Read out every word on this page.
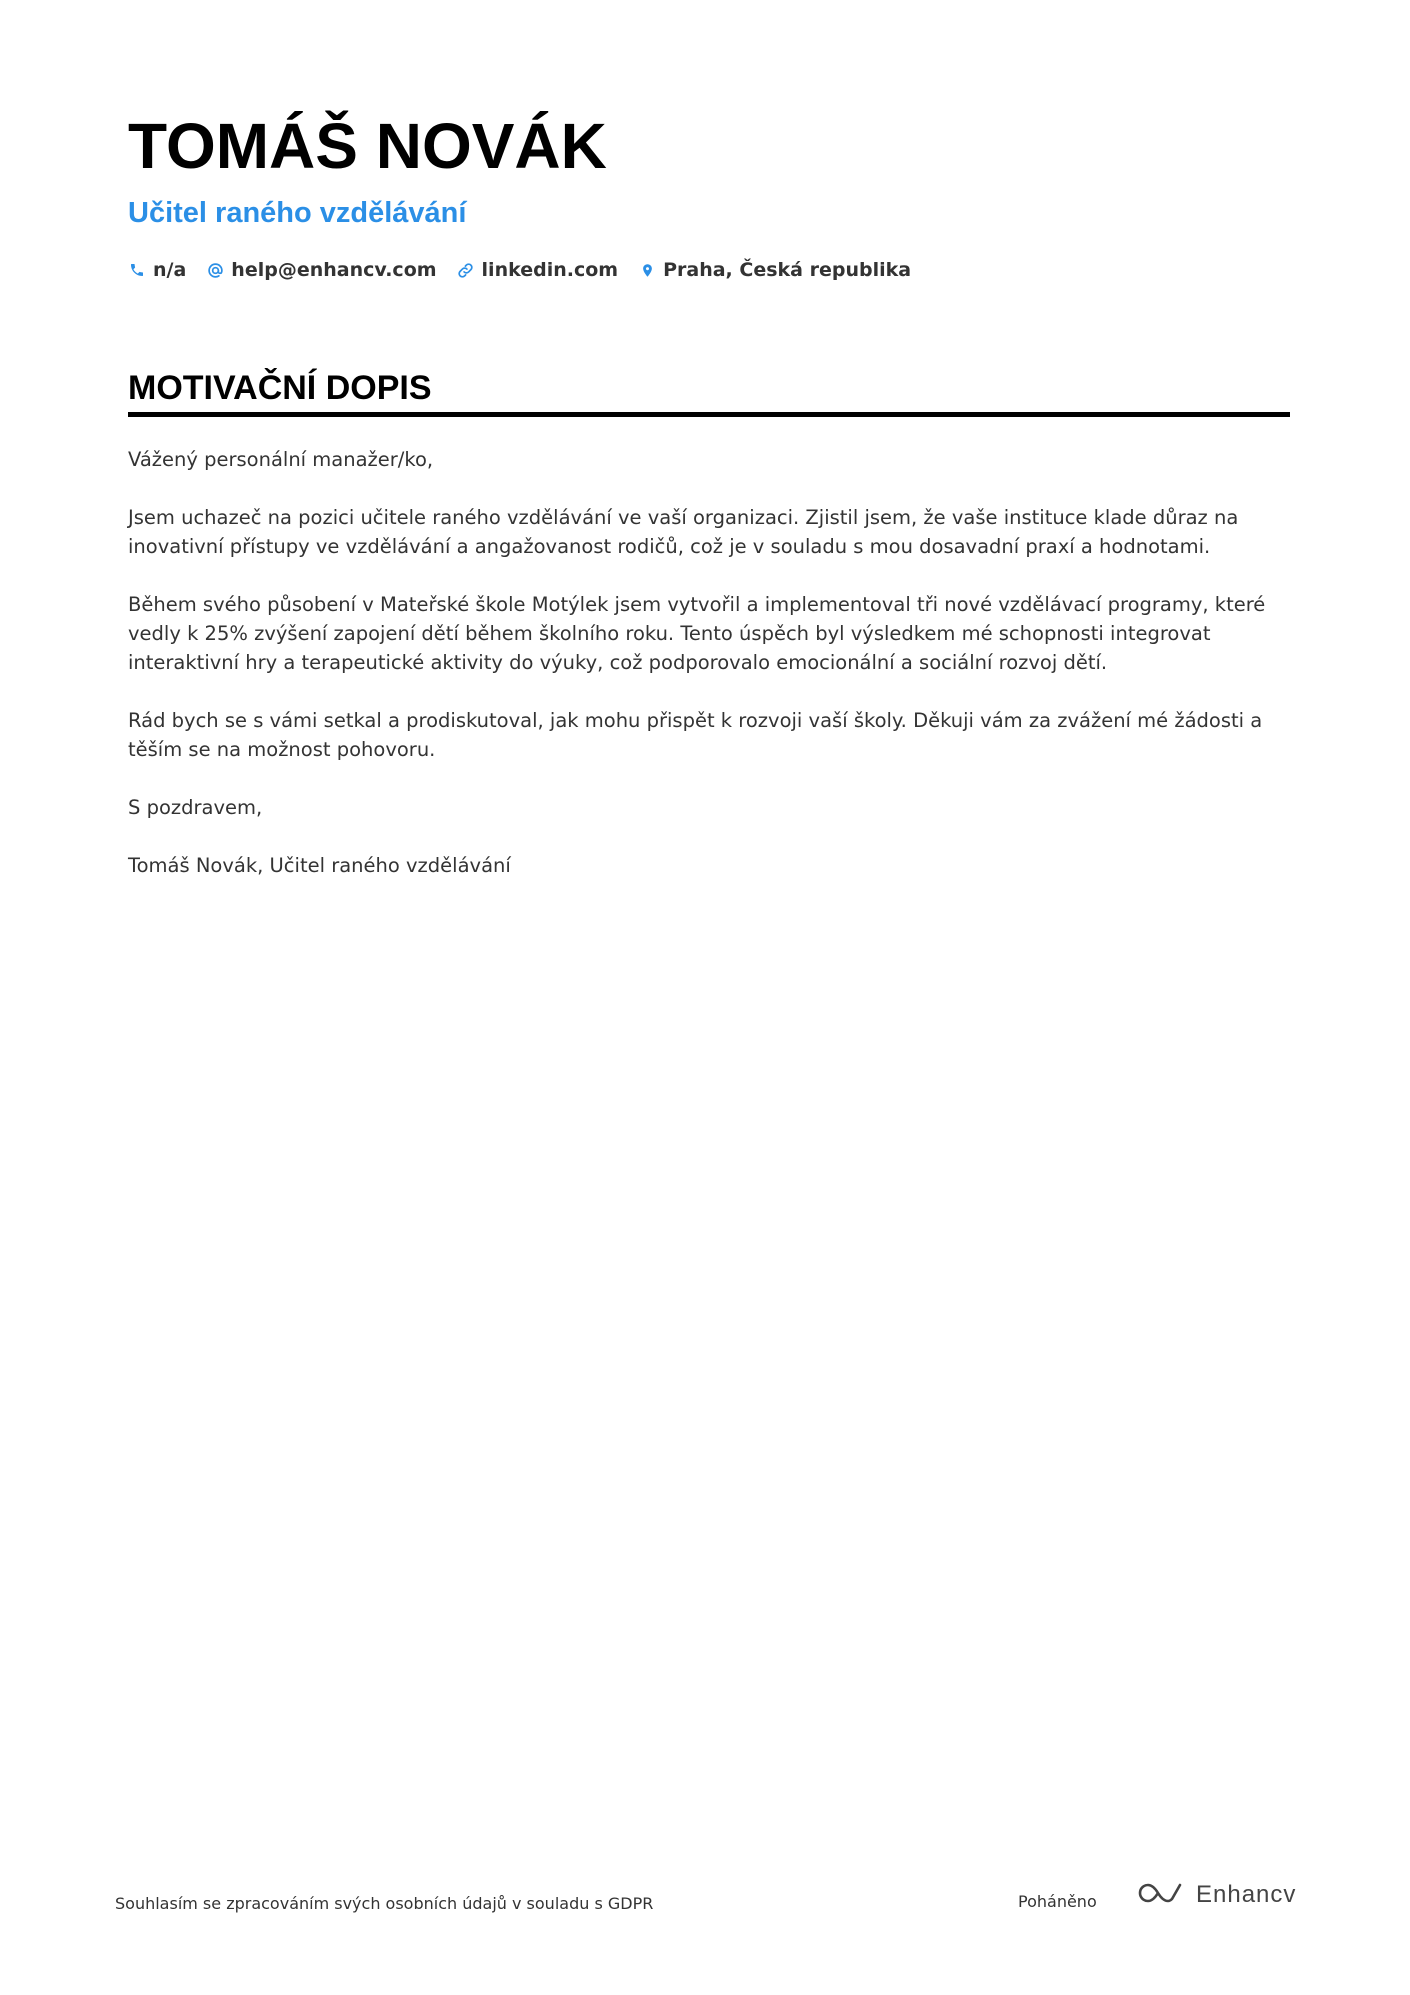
TOMÁŠ NOVÁK
Učitel raného vzdělávání
n/a help@enhancv.com linkedin.com Praha, Česká republika
MOTIVAČNÍ DOPIS

Vážený personální manažer/ko,

Jsem uchazeč na pozici učitele raného vzdělávání ve vaší organizaci. Zjistil jsem, že vaše instituce klade důraz na inovativní přístupy ve vzdělávání a angažovanost rodičů, což je v souladu s mou dosavadní praxí a hodnotami.

Během svého působení v Mateřské škole Motýlek jsem vytvořil a implementoval tři nové vzdělávací programy, které vedly k 25% zvýšení zapojení dětí během školního roku. Tento úspěch byl výsledkem mé schopnosti integrovat interaktivní hry a terapeutické aktivity do výuky, což podporovalo emocionální a sociální rozvoj dětí.

Rád bych se s vámi setkal a prodiskutoval, jak mohu přispět k rozvoji vaší školy. Děkuji vám za zvážení mé žádosti a těším se na možnost pohovoru.

S pozdravem,

Tomáš Novák, Učitel raného vzdělávání

Souhlasím se zpracováním svých osobních údajů v souladu s GDPR	Poháněno	Enhancv
